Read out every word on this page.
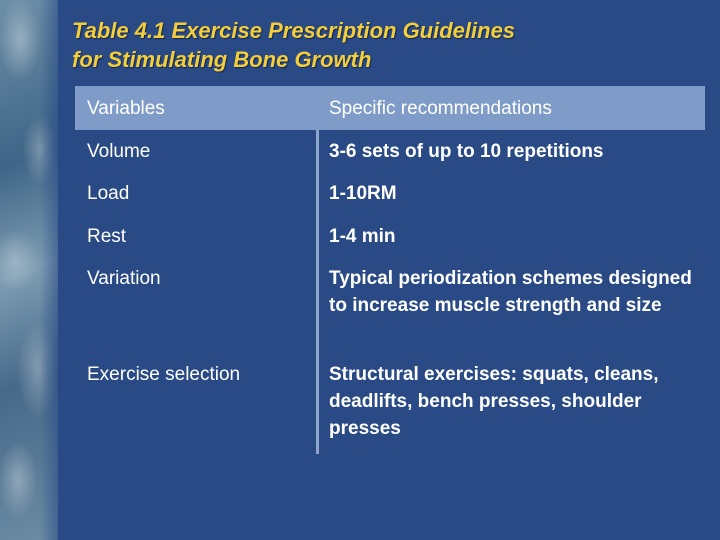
Table 4.1 Exercise Prescription Guidelines
for Stimulating Bone Growth
Variables	Specific recommendations
Volume	3-6 sets of up to 10 repetitions
Load	1-10RM
Rest	1-4 min
Variation	Typical periodization schemes designed to increase muscle strength and size
Exercise selection	Structural exercises: squats, cleans, deadlifts, bench presses, shoulder presses
